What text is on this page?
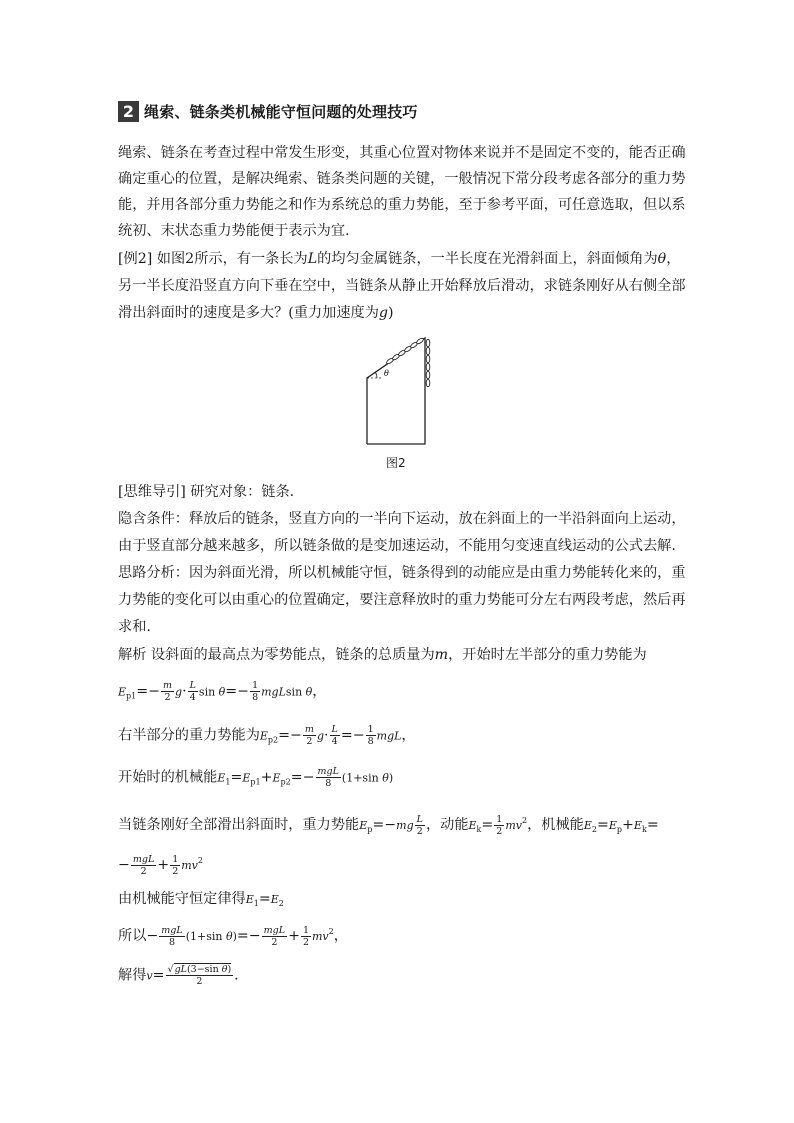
2 绳索、链条类机械能守恒问题的处理技巧
绳索、链条在考查过程中常发生形变，其重心位置对物体来说并不是固定不变的，能否正确
确定重心的位置，是解决绳索、链条类问题的关键，一般情况下常分段考虑各部分的重力势
能，并用各部分重力势能之和作为系统总的重力势能，至于参考平面，可任意选取，但以系
统初、末状态重力势能便于表示为宜.
[例2] 如图2所示，有一条长为L的均匀金属链条，一半长度在光滑斜面上，斜面倾角为θ，
另一半长度沿竖直方向下垂在空中，当链条从静止开始释放后滑动，求链条刚好从右侧全部
滑出斜面时的速度是多大？(重力加速度为g)
θ
图2
[思维导引] 研究对象：链条.
隐含条件：释放后的链条，竖直方向的一半向下运动，放在斜面上的一半沿斜面向上运动，
由于竖直部分越来越多，所以链条做的是变加速运动，不能用匀变速直线运动的公式去解.
思路分析：因为斜面光滑，所以机械能守恒，链条得到的动能应是由重力势能转化来的，重
力势能的变化可以由重心的位置确定，要注意释放时的重力势能可分左右两段考虑，然后再
求和.
解析 设斜面的最高点为零势能点，链条的总质量为m，开始时左半部分的重力势能为
$E_{p1}=- \frac{m}{2} g\cdot \frac{L}{4}$ $\sin \theta=- \frac{1}{8}$ mgLsin θ，
右半部分的重力势能为$E_{p2}=- \frac{m}{2} g\cdot \frac{L}{4} =- \frac{1}{8}$ mgL，
开始时的机械能$E_1=E_{p1}+E_{p2}=- \frac{\text{mgL}}{8} (1+\sin$ θ)
当链条刚好全部滑出斜面时，重力势能$E_p=-mg \frac{L}{2}$ ，动能$E_k= \frac{1}{2} mv^2$，机械能$E_2=E_p+E_k=$
− $\frac{\text{mgL}}{2} + \frac{1}{2} mv^2$
由机械能守恒定律得$E_1=E_2$
所以− $\frac{\text{mgL}}{8} (1+\sin$ $\theta)=- \frac{\text{mgL}}{2} + \frac{1}{2} mv^2$，
解得$v= \frac{\text{√gL(3−sin θ)}}{2}$ .
